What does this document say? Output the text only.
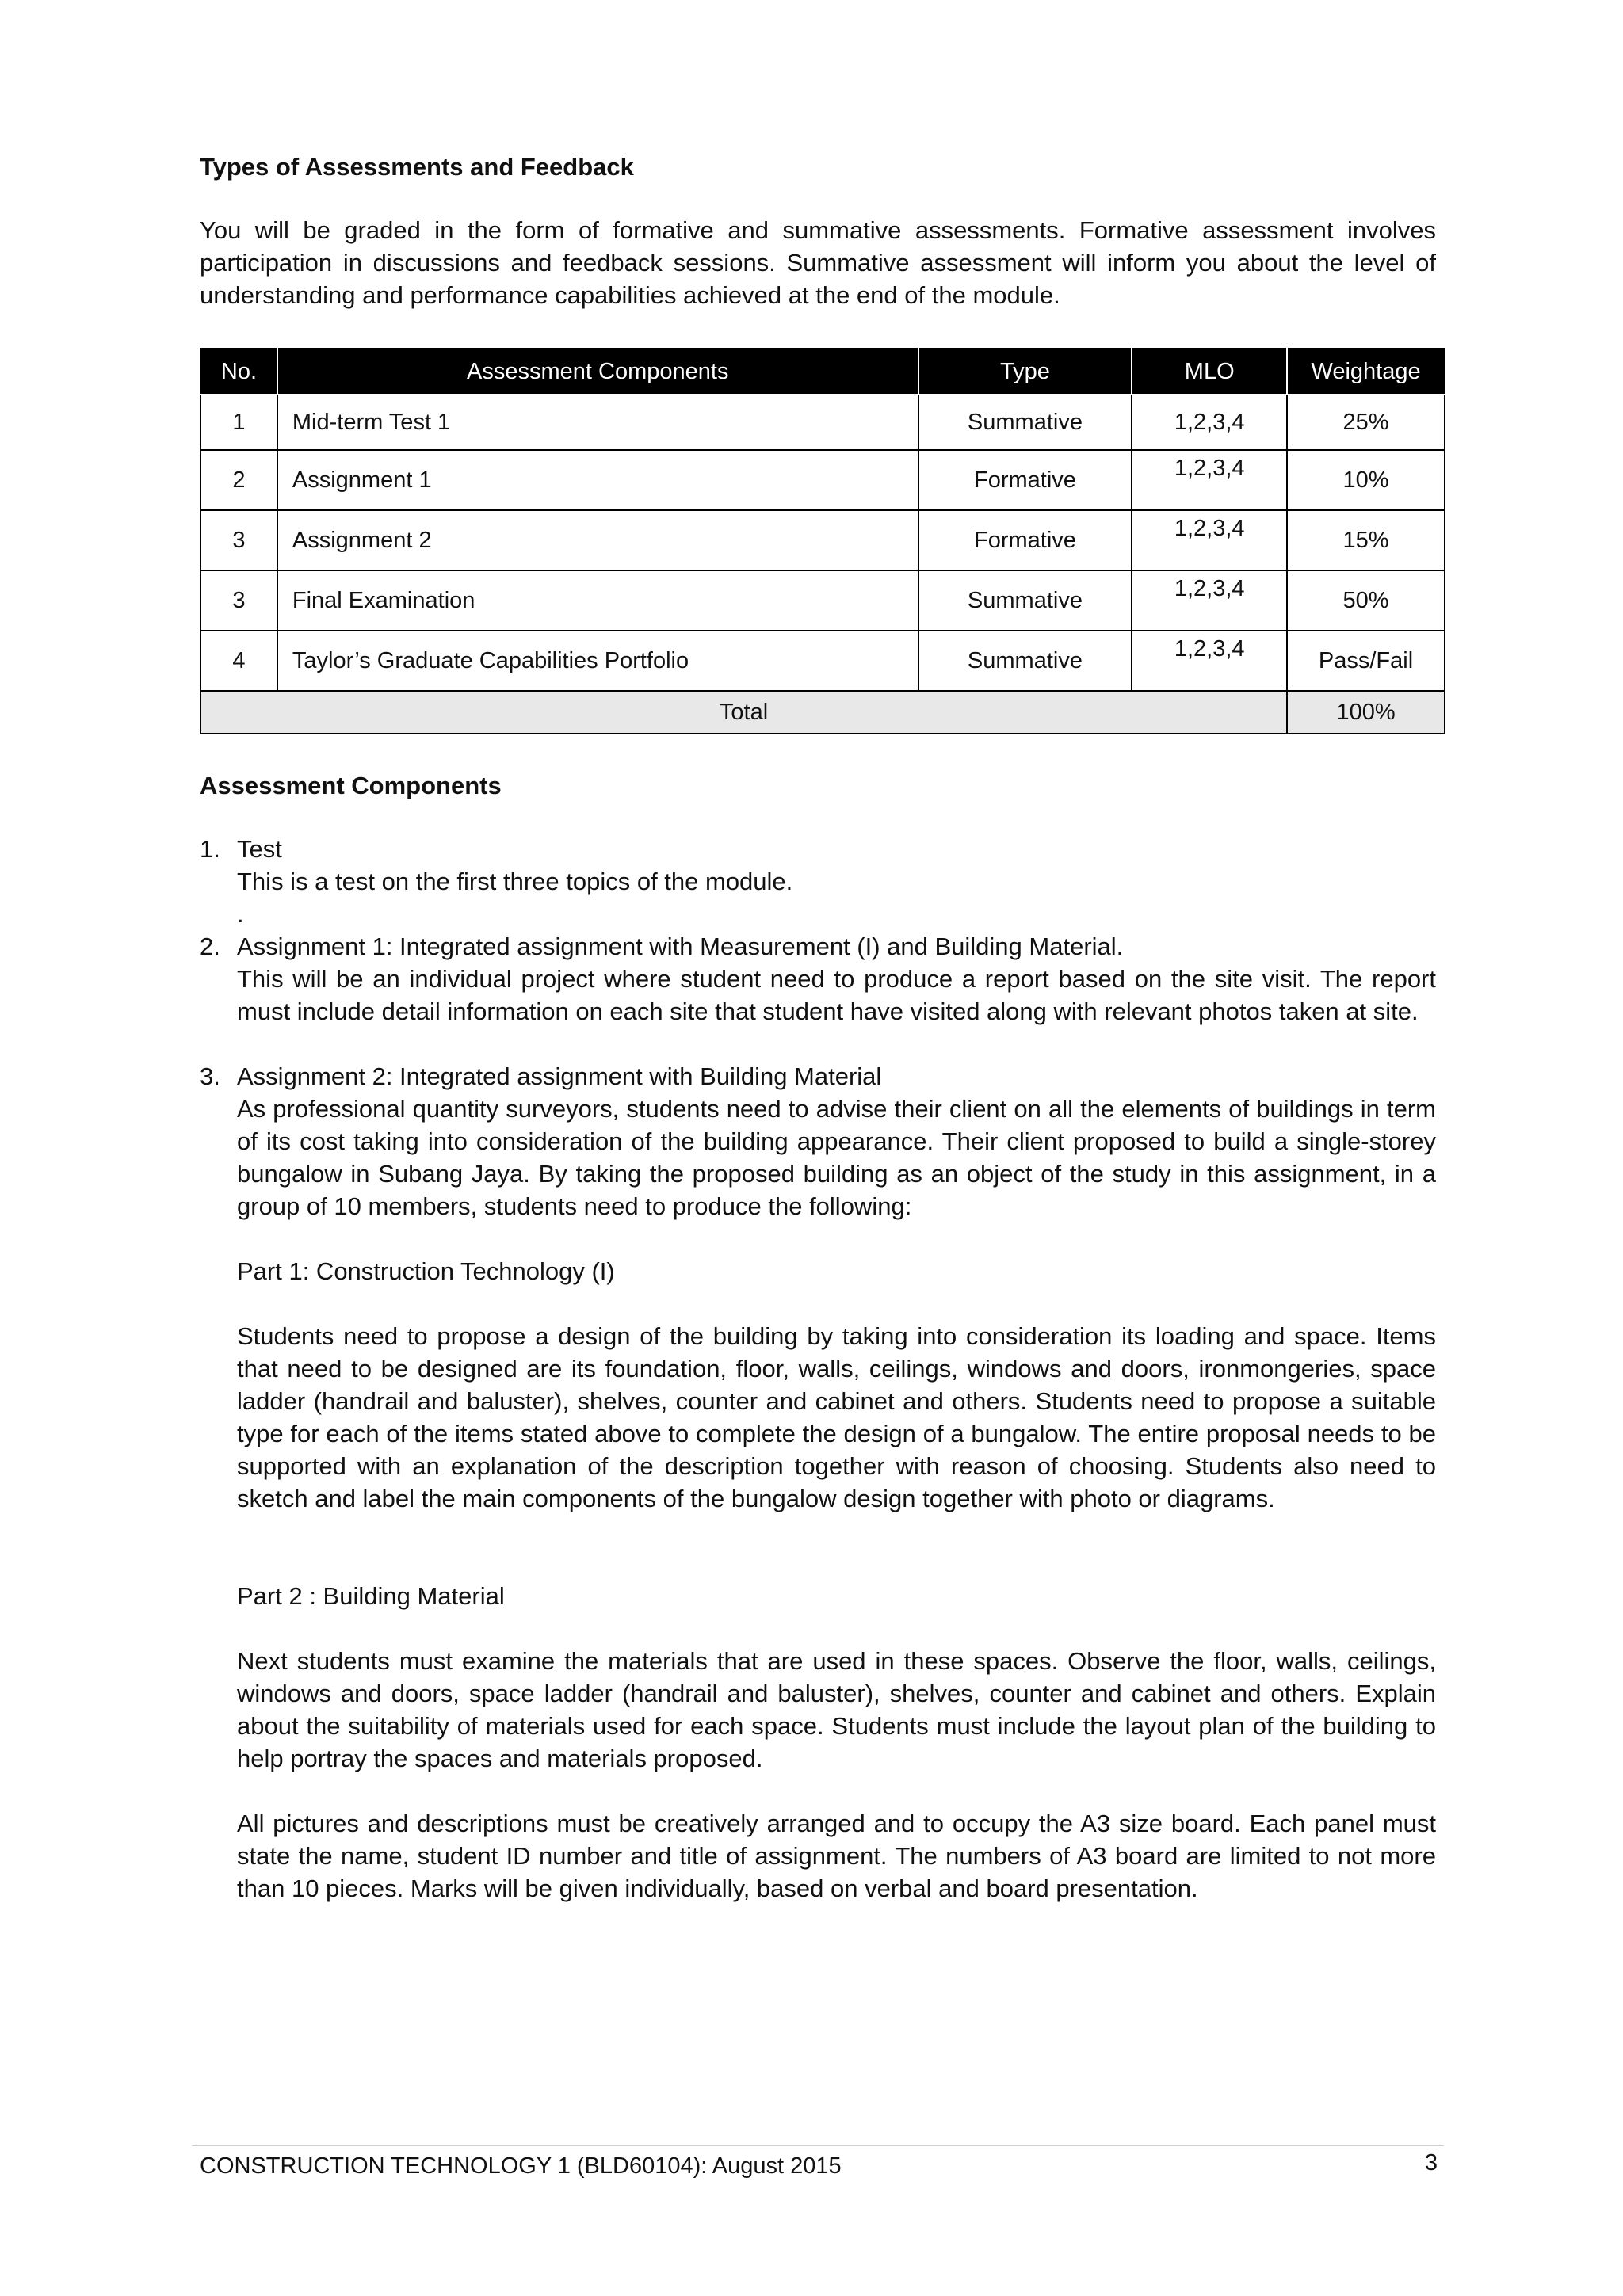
Types of Assessments and Feedback

You will be graded in the form of formative and summative assessments. Formative assessment involves participation in discussions and feedback sessions. Summative assessment will inform you about the level of understanding and performance capabilities achieved at the end of the module.

No.	Assessment Components	Type	MLO	Weightage
1	Mid-term Test 1	Summative	1,2,3,4	25%
2	Assignment 1	Formative	1,2,3,4	10%
3	Assignment 2	Formative	1,2,3,4	15%
3	Final Examination	Summative	1,2,3,4	50%
4	Taylor’s Graduate Capabilities Portfolio	Summative	1,2,3,4	Pass/Fail
Total				100%
Assessment Components
1. Test

This is a test on the first three topics of the module.

.

2. Assignment 1: Integrated assignment with Measurement (I) and Building Material.

This will be an individual project where student need to produce a report based on the site visit. The report must include detail information on each site that student have visited along with relevant photos taken at site.

3. Assignment 2: Integrated assignment with Building Material

As professional quantity surveyors, students need to advise their client on all the elements of buildings in term of its cost taking into consideration of the building appearance. Their client proposed to build a single-storey bungalow in Subang Jaya. By taking the proposed building as an object of the study in this assignment, in a group of 10 members, students need to produce the following:

Part 1: Construction Technology (I)

Students need to propose a design of the building by taking into consideration its loading and space. Items that need to be designed are its foundation, floor, walls, ceilings, windows and doors, ironmongeries, space ladder (handrail and baluster), shelves, counter and cabinet and others. Students need to propose a suitable type for each of the items stated above to complete the design of a bungalow. The entire proposal needs to be supported with an explanation of the description together with reason of choosing. Students also need to sketch and label the main components of the bungalow design together with photo or diagrams.

Part 2 : Building Material

Next students must examine the materials that are used in these spaces. Observe the floor, walls, ceilings, windows and doors, space ladder (handrail and baluster), shelves, counter and cabinet and others. Explain about the suitability of materials used for each space. Students must include the layout plan of the building to help portray the spaces and materials proposed.

All pictures and descriptions must be creatively arranged and to occupy the A3 size board. Each panel must state the name, student ID number and title of assignment. The numbers of A3 board are limited to not more than 10 pieces. Marks will be given individually, based on verbal and board presentation.

CONSTRUCTION TECHNOLOGY 1 (BLD60104): August 2015	3
